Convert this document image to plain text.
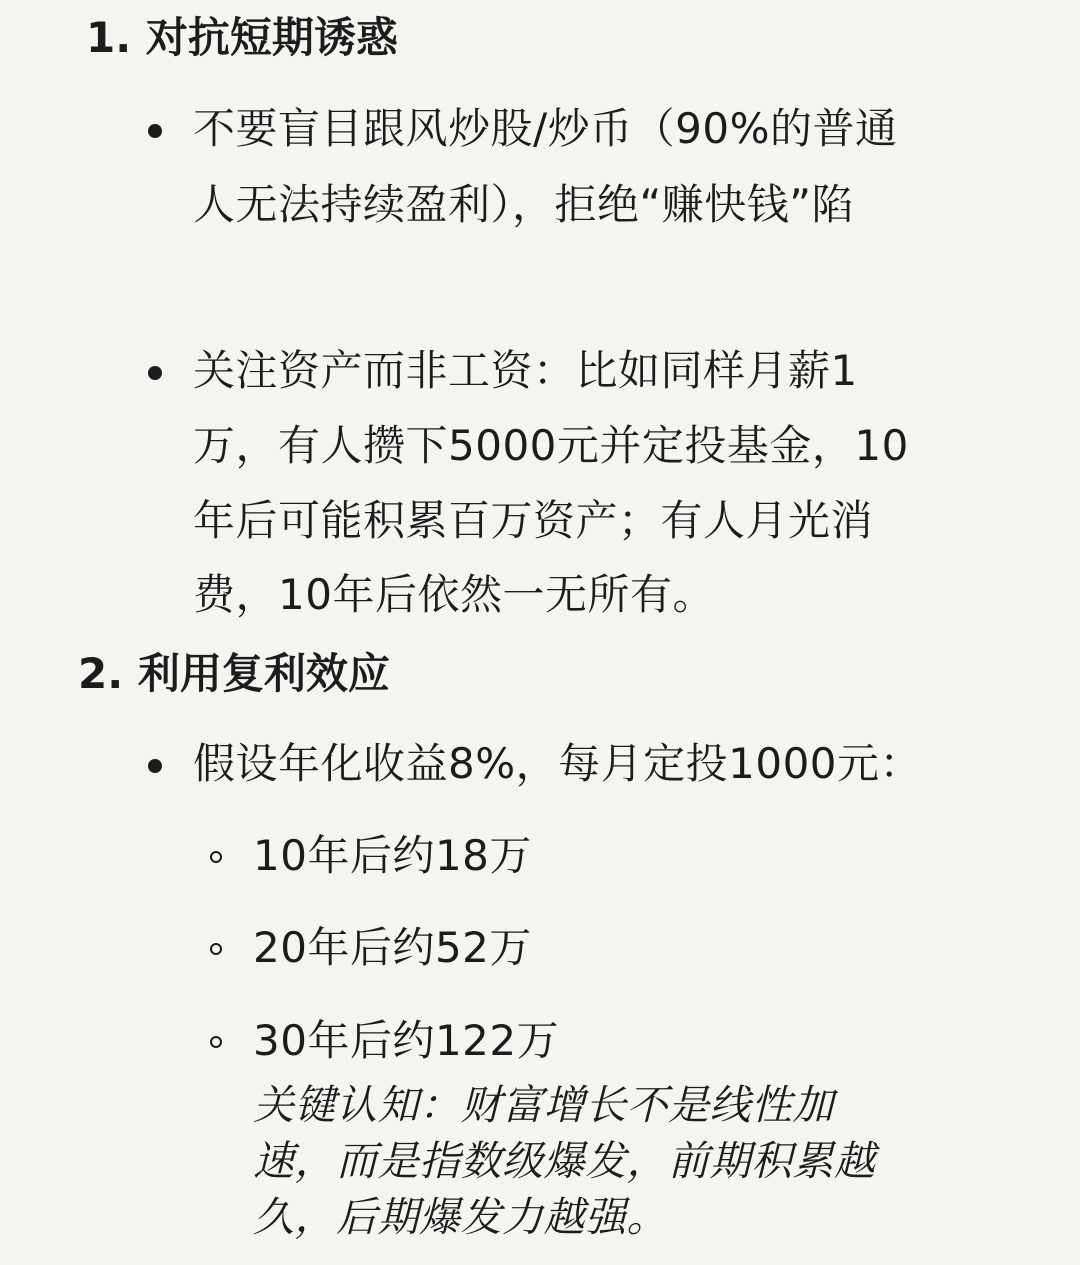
1. 对抗短期诱惑
不要盲目跟风炒股/炒币（90%的普通
人无法持续盈利），拒绝“赚快钱”陷
关注资产而非工资：比如同样月薪1
万，有人攒下5000元并定投基金，10
年后可能积累百万资产；有人月光消
费，10年后依然一无所有。
2. 利用复利效应
假设年化收益8%，每月定投1000元：
10年后约18万
20年后约52万
30年后约122万
关键认知：财富增长不是线性加
速，而是指数级爆发，前期积累越
久，后期爆发力越强。
